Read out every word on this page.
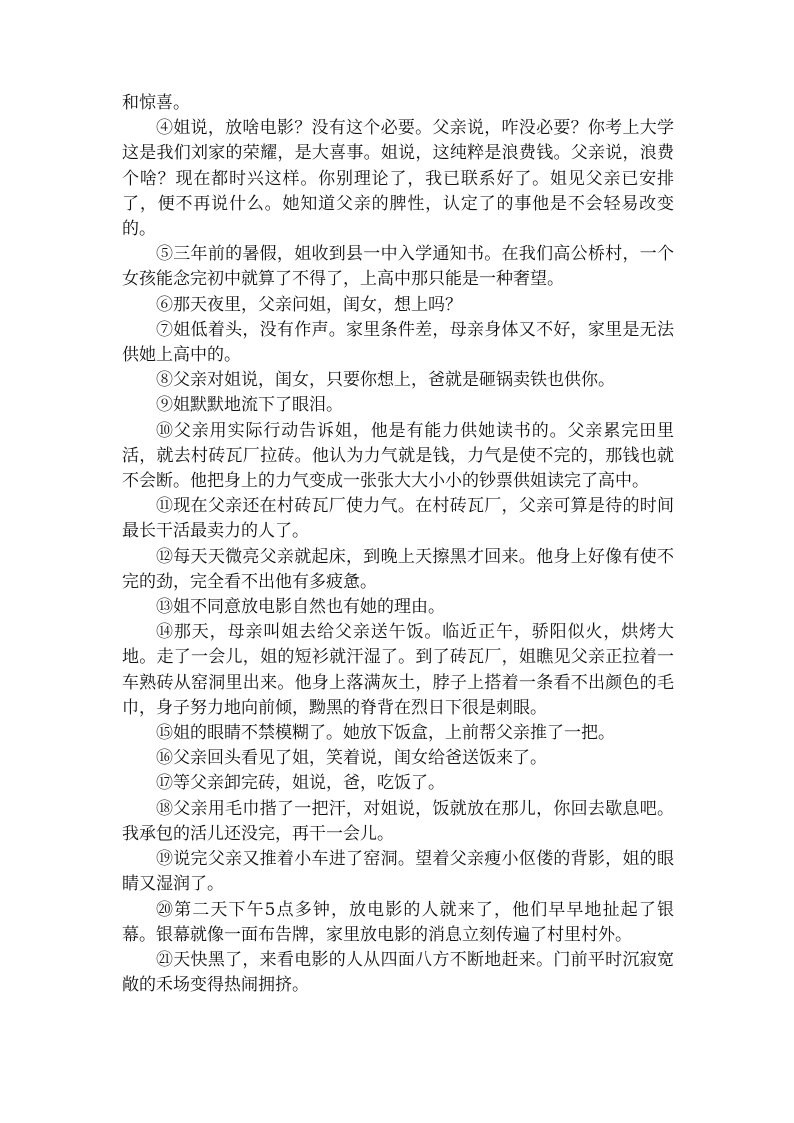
和惊喜。

④姐说，放啥电影？没有这个必要。父亲说，咋没必要？你考上大学这是我们刘家的荣耀，是大喜事。姐说，这纯粹是浪费钱。父亲说，浪费个啥？现在都时兴这样。你别理论了，我已联系好了。姐见父亲已安排了，便不再说什么。她知道父亲的脾性，认定了的事他是不会轻易改变的。

⑤三年前的暑假，姐收到县一中入学通知书。在我们高公桥村，一个女孩能念完初中就算了不得了，上高中那只能是一种奢望。

⑥那天夜里，父亲问姐，闺女，想上吗？

⑦姐低着头，没有作声。家里条件差，母亲身体又不好，家里是无法供她上高中的。

⑧父亲对姐说，闺女，只要你想上，爸就是砸锅卖铁也供你。

⑨姐默默地流下了眼泪。

⑩父亲用实际行动告诉姐，他是有能力供她读书的。父亲累完田里活，就去村砖瓦厂拉砖。他认为力气就是钱，力气是使不完的，那钱也就不会断。他把身上的力气变成一张张大大小小的钞票供姐读完了高中。

⑪现在父亲还在村砖瓦厂使力气。在村砖瓦厂，父亲可算是待的时间最长干活最卖力的人了。

⑫每天天微亮父亲就起床，到晚上天擦黑才回来。他身上好像有使不完的劲，完全看不出他有多疲惫。

⑬姐不同意放电影自然也有她的理由。

⑭那天，母亲叫姐去给父亲送午饭。临近正午，骄阳似火，烘烤大地。走了一会儿，姐的短衫就汗湿了。到了砖瓦厂，姐瞧见父亲正拉着一车熟砖从窑洞里出来。他身上落满灰土，脖子上搭着一条看不出颜色的毛巾，身子努力地向前倾，黝黑的脊背在烈日下很是刺眼。

⑮姐的眼睛不禁模糊了。她放下饭盒，上前帮父亲推了一把。

⑯父亲回头看见了姐，笑着说，闺女给爸送饭来了。

⑰等父亲卸完砖，姐说，爸，吃饭了。

⑱父亲用毛巾揩了一把汗，对姐说，饭就放在那儿，你回去歇息吧。我承包的活儿还没完，再干一会儿。

⑲说完父亲又推着小车进了窑洞。望着父亲瘦小伛偻的背影，姐的眼睛又湿润了。

⑳第二天下午5点多钟，放电影的人就来了，他们早早地扯起了银幕。银幕就像一面布告牌，家里放电影的消息立刻传遍了村里村外。

㉑天快黑了，来看电影的人从四面八方不断地赶来。门前平时沉寂宽敞的禾场变得热闹拥挤。
